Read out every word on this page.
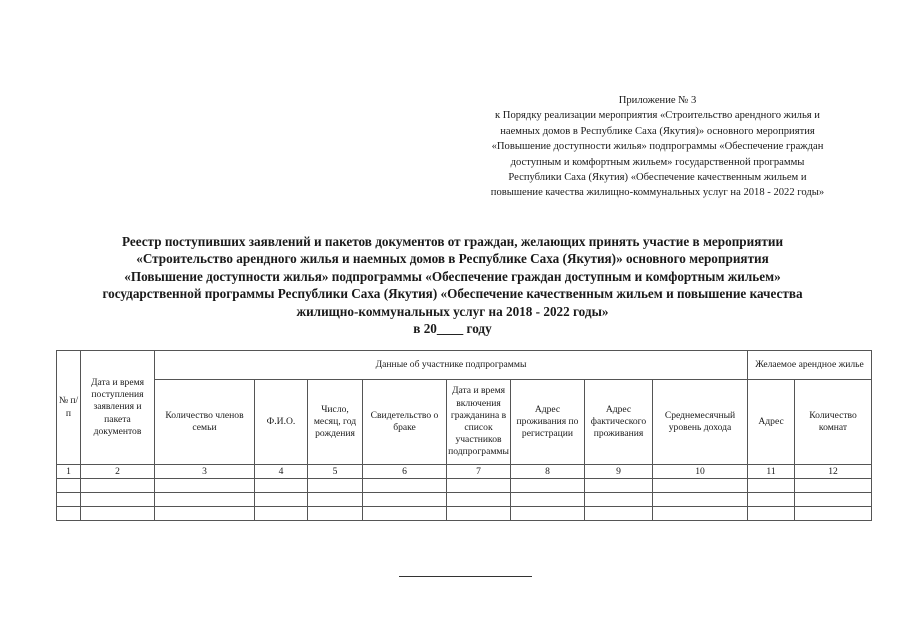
Приложение № 3
к Порядку реализации мероприятия «Строительство арендного жилья и
наемных домов в Республике Саха (Якутия)» основного мероприятия
«Повышение доступности жилья» подпрограммы «Обеспечение граждан
доступным и комфортным жильем» государственной программы
Республики Саха (Якутия) «Обеспечение качественным жильем и
повышение качества жилищно-коммунальных услуг на 2018 - 2022 годы»
Реестр поступивших заявлений и пакетов документов от граждан, желающих принять участие в мероприятии
«Строительство арендного жилья и наемных домов в Республике Саха (Якутия)» основного мероприятия
«Повышение доступности жилья» подпрограммы «Обеспечение граждан доступным и комфортным жильем»
государственной программы Республики Саха (Якутия) «Обеспечение качественным жильем и повышение качества
жилищно-коммунальных услуг на 2018 - 2022 годы»
в 20____ году
№ п/п	Дата и время поступления заявления и пакета документов	Данные об участнике подпрограммы								Желаемое арендное жилье	
		Количество членов семьи	Ф.И.О.	Число, месяц, год рождения	Свидетельство о браке	Дата и время включения гражданина в список участников подпрограммы	Адрес проживания по регистрации	Адрес фактического проживания	Среднемесячный уровень дохода	Адрес	Количество комнат
1	2	3	4	5	6	7	8	9	10	11	12
